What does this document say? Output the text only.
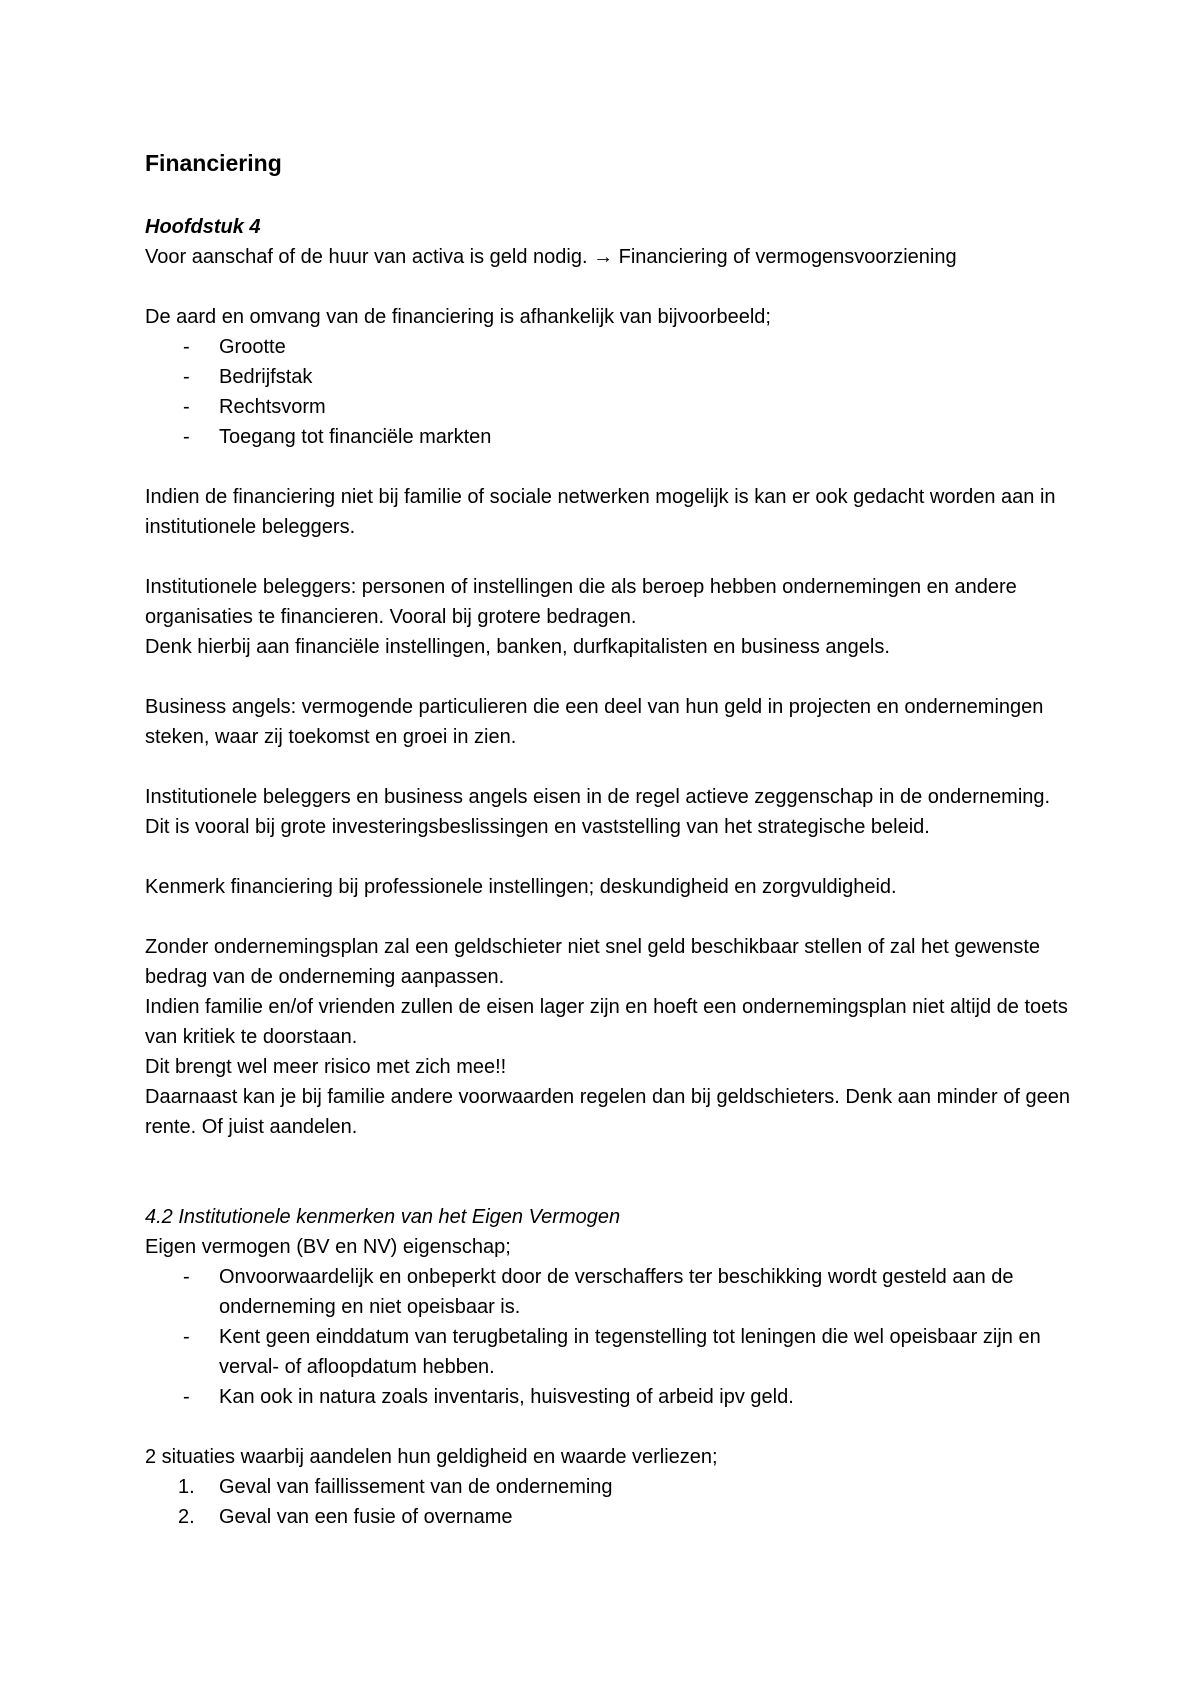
Financiering
Hoofdstuk 4

Voor aanschaf of de huur van activa is geld nodig. → Financiering of vermogensvoorziening

De aard en omvang van de financiering is afhankelijk van bijvoorbeeld;

- Grootte
- Bedrijfstak
- Rechtsvorm
- Toegang tot financiële markten

Indien de financiering niet bij familie of sociale netwerken mogelijk is kan er ook gedacht worden aan in institutionele beleggers.

Institutionele beleggers: personen of instellingen die als beroep hebben ondernemingen en andere organisaties te financieren. Vooral bij grotere bedragen.

Denk hierbij aan financiële instellingen, banken, durfkapitalisten en business angels.

Business angels: vermogende particulieren die een deel van hun geld in projecten en ondernemingen steken, waar zij toekomst en groei in zien.

Institutionele beleggers en business angels eisen in de regel actieve zeggenschap in de onderneming. Dit is vooral bij grote investeringsbeslissingen en vaststelling van het strategische beleid.

Kenmerk financiering bij professionele instellingen; deskundigheid en zorgvuldigheid.

Zonder ondernemingsplan zal een geldschieter niet snel geld beschikbaar stellen of zal het gewenste bedrag van de onderneming aanpassen.

Indien familie en/of vrienden zullen de eisen lager zijn en hoeft een ondernemingsplan niet altijd de toets van kritiek te doorstaan.

Dit brengt wel meer risico met zich mee!!

Daarnaast kan je bij familie andere voorwaarden regelen dan bij geldschieters. Denk aan minder of geen rente. Of juist aandelen.

4.2 Institutionele kenmerken van het Eigen Vermogen

Eigen vermogen (BV en NV) eigenschap;

- Onvoorwaardelijk en onbeperkt door de verschaffers ter beschikking wordt gesteld aan de onderneming en niet opeisbaar is.
- Kent geen einddatum van terugbetaling in tegenstelling tot leningen die wel opeisbaar zijn en verval- of afloopdatum hebben.
- Kan ook in natura zoals inventaris, huisvesting of arbeid ipv geld.

2 situaties waarbij aandelen hun geldigheid en waarde verliezen;

1. Geval van faillissement van de onderneming
2. Geval van een fusie of overname
